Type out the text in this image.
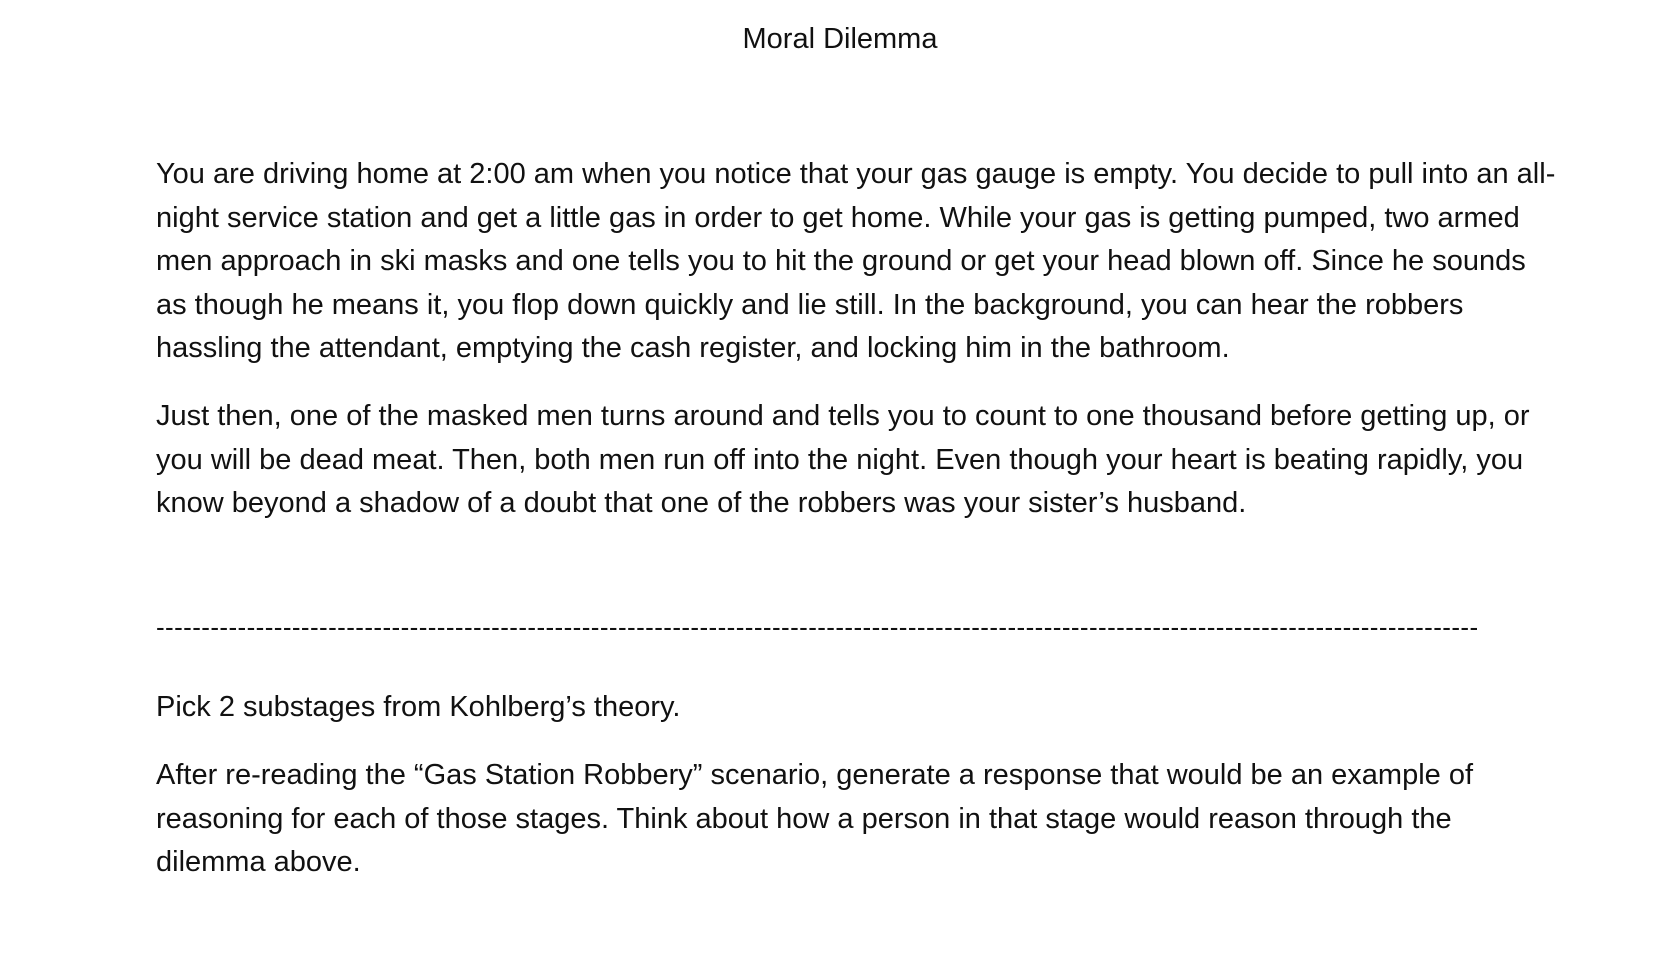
Moral Dilemma

You are driving home at 2:00 am when you notice that your gas gauge is empty. You decide to pull into an all-night service station and get a little gas in order to get home. While your gas is getting pumped, two armed men approach in ski masks and one tells you to hit the ground or get your head blown off. Since he sounds as though he means it, you flop down quickly and lie still. In the background, you can hear the robbers hassling the attendant, emptying the cash register, and locking him in the bathroom.

Just then, one of the masked men turns around and tells you to count to one thousand before getting up, or you will be dead meat. Then, both men run off into the night. Even though your heart is beating rapidly, you know beyond a shadow of a doubt that one of the robbers was your sister’s husband.

--------------------------------------------------------------------------------------------------------------------------------------------------

Pick 2 substages from Kohlberg’s theory.

After re-reading the “Gas Station Robbery” scenario, generate a response that would be an example of reasoning for each of those stages. Think about how a person in that stage would reason through the dilemma above.
